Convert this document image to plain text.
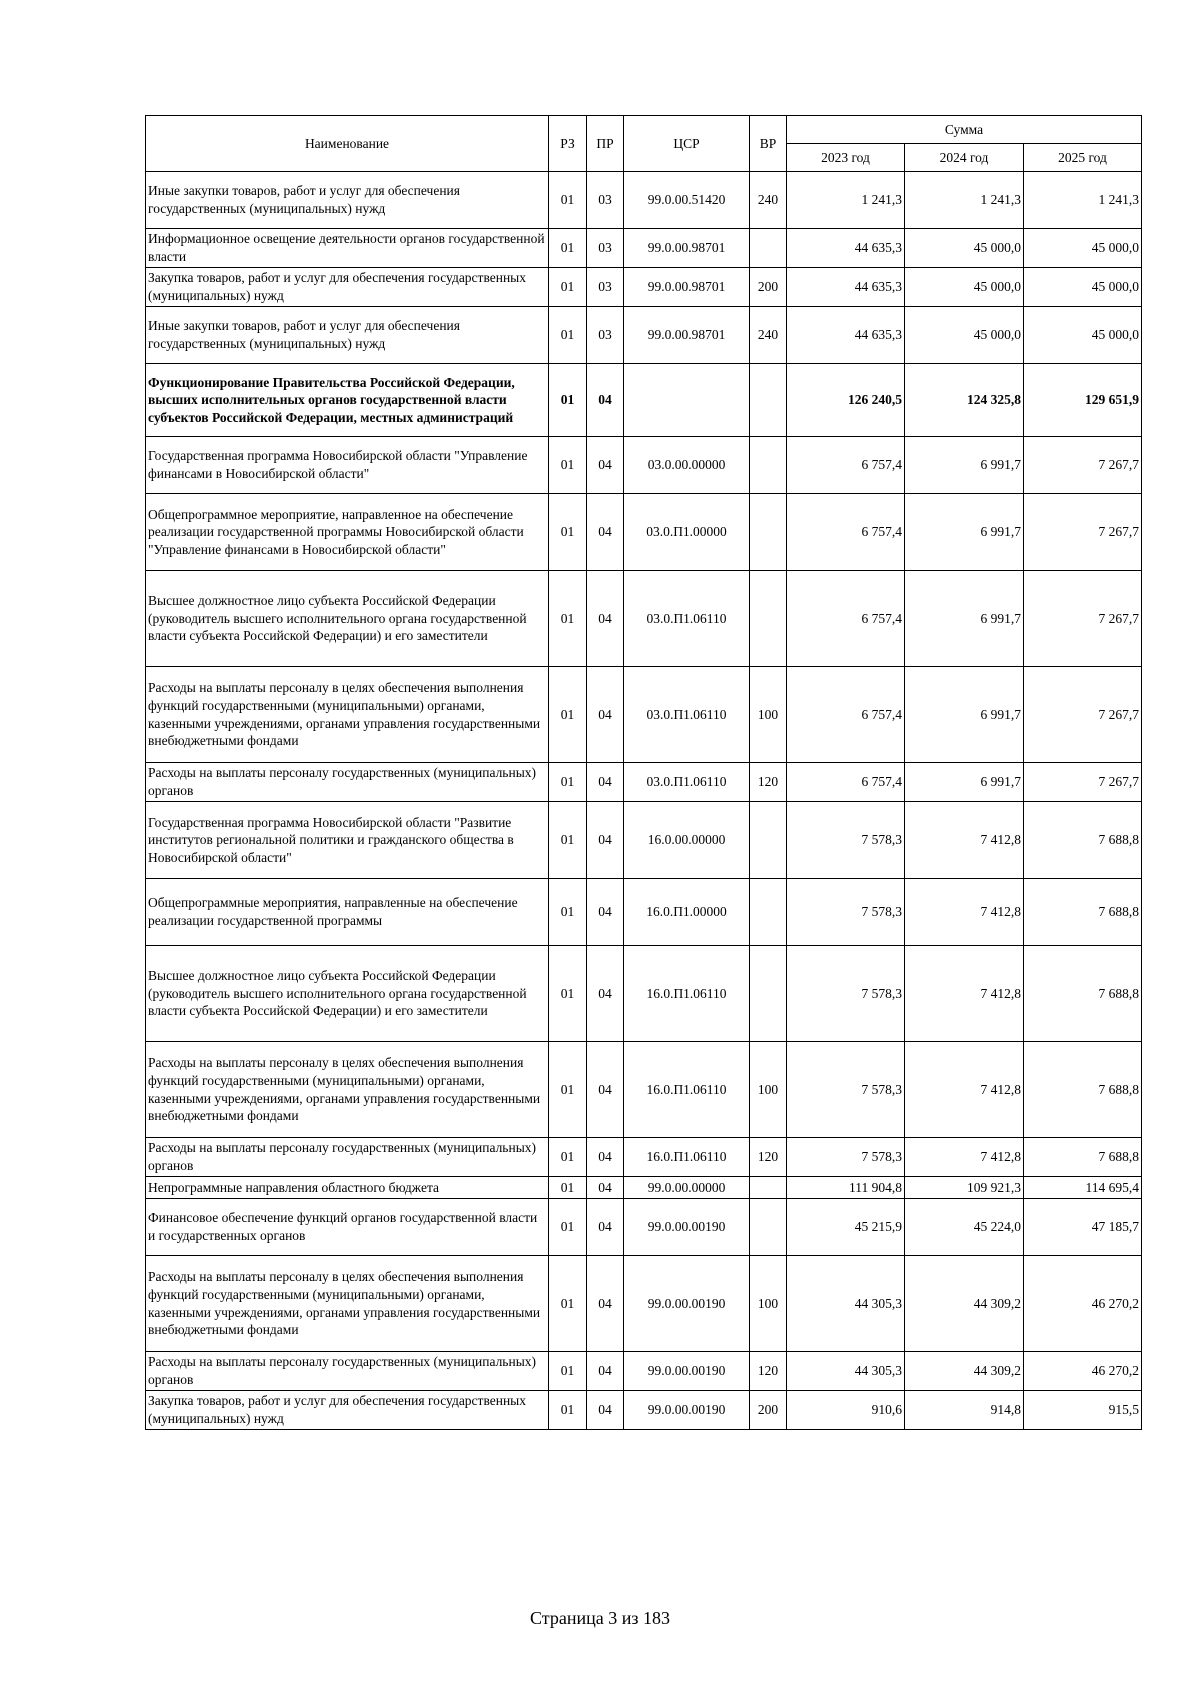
Наименование	РЗ	ПР	ЦСР	ВР	Сумма		
					2023 год	2024 год	2025 год
Иные закупки товаров, работ и услуг для обеспечения государственных (муниципальных) нужд	01	03	99.0.00.51420	240	1 241,3	1 241,3	1 241,3
Информационное освещение деятельности органов государственной власти	01	03	99.0.00.98701		44 635,3	45 000,0	45 000,0
Закупка товаров, работ и услуг для обеспечения государственных (муниципальных) нужд	01	03	99.0.00.98701	200	44 635,3	45 000,0	45 000,0
Иные закупки товаров, работ и услуг для обеспечения государственных (муниципальных) нужд	01	03	99.0.00.98701	240	44 635,3	45 000,0	45 000,0
Функционирование Правительства Российской Федерации, высших исполнительных органов государственной власти субъектов Российской Федерации, местных администраций	01	04			126 240,5	124 325,8	129 651,9
Государственная программа Новосибирской области "Управление финансами в Новосибирской области"	01	04	03.0.00.00000		6 757,4	6 991,7	7 267,7
Общепрограммное мероприятие, направленное на обеспечение реализации государственной программы Новосибирской области "Управление финансами в Новосибирской области"	01	04	03.0.П1.00000		6 757,4	6 991,7	7 267,7
Высшее должностное лицо субъекта Российской Федерации (руководитель высшего исполнительного органа государственной власти субъекта Российской Федерации) и его заместители	01	04	03.0.П1.06110		6 757,4	6 991,7	7 267,7
Расходы на выплаты персоналу в целях обеспечения выполнения функций государственными (муниципальными) органами, казенными учреждениями, органами управления государственными внебюджетными фондами	01	04	03.0.П1.06110	100	6 757,4	6 991,7	7 267,7
Расходы на выплаты персоналу государственных (муниципальных) органов	01	04	03.0.П1.06110	120	6 757,4	6 991,7	7 267,7
Государственная программа Новосибирской области "Развитие институтов региональной политики и гражданского общества в Новосибирской области"	01	04	16.0.00.00000		7 578,3	7 412,8	7 688,8
Общепрограммные мероприятия, направленные на обеспечение реализации государственной программы	01	04	16.0.П1.00000		7 578,3	7 412,8	7 688,8
Высшее должностное лицо субъекта Российской Федерации (руководитель высшего исполнительного органа государственной власти субъекта Российской Федерации) и его заместители	01	04	16.0.П1.06110		7 578,3	7 412,8	7 688,8
Расходы на выплаты персоналу в целях обеспечения выполнения функций государственными (муниципальными) органами, казенными учреждениями, органами управления государственными внебюджетными фондами	01	04	16.0.П1.06110	100	7 578,3	7 412,8	7 688,8
Расходы на выплаты персоналу государственных (муниципальных) органов	01	04	16.0.П1.06110	120	7 578,3	7 412,8	7 688,8
Непрограммные направления областного бюджета	01	04	99.0.00.00000		111 904,8	109 921,3	114 695,4
Финансовое обеспечение функций органов государственной власти и государственных органов	01	04	99.0.00.00190		45 215,9	45 224,0	47 185,7
Расходы на выплаты персоналу в целях обеспечения выполнения функций государственными (муниципальными) органами, казенными учреждениями, органами управления государственными внебюджетными фондами	01	04	99.0.00.00190	100	44 305,3	44 309,2	46 270,2
Расходы на выплаты персоналу государственных (муниципальных) органов	01	04	99.0.00.00190	120	44 305,3	44 309,2	46 270,2
Закупка товаров, работ и услуг для обеспечения государственных (муниципальных) нужд	01	04	99.0.00.00190	200	910,6	914,8	915,5
Страница 3 из 183
